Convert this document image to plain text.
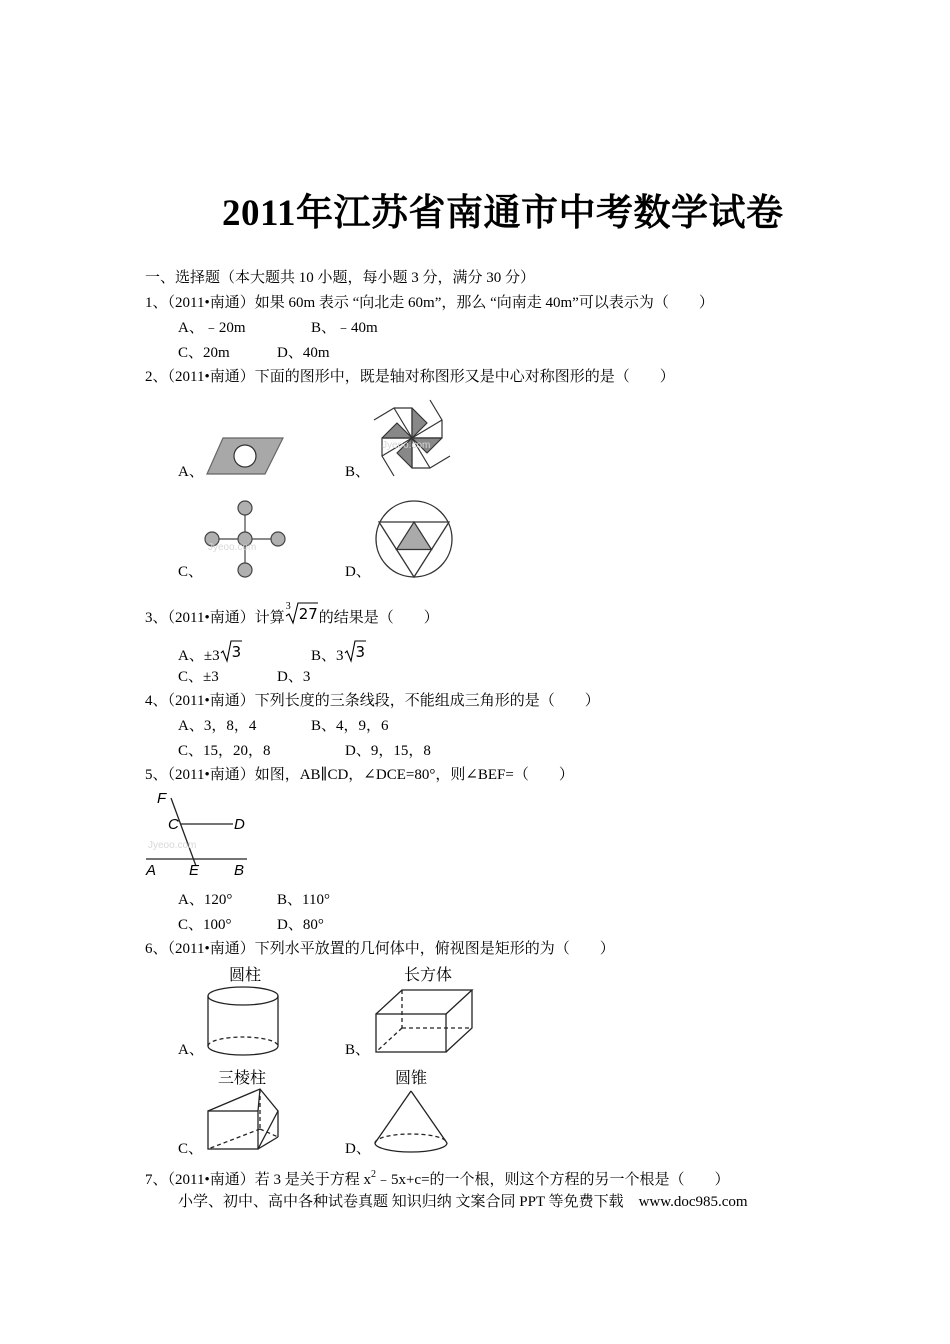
2011年江苏省南通市中考数学试卷
一、选择题（本大题共 10 小题，每小题 3 分，满分 30 分）
1、（2011•南通）如果 60m 表示 “向北走 60m”，那么 “向南走 40m”可以表示为（　　）
A、﹣20m	B、﹣40m
C、20m	D、40m
2、（2011•南通）下面的图形中，既是轴对称图形又是中心对称图形的是（　　）
A、	B、
C、	D、
Jyeoo.com
Jyeoo.com
3、（2011•南通）计算
3 27 的结果是（　　）
A、±3 3	B、3 3
C、±3	D、3
4、（2011•南通）下列长度的三条线段，不能组成三角形的是（　　）
A、3，8，4	B、4，9，6
C、15，20，8	D、9，15，8
5、（2011•南通）如图，AB∥CD，∠DCE=80°，则∠BEF=（　　）
F
C	D
A E B
Jyeoo.com
A、120°	B、110°
C、100°	D、80°
6、（2011•南通）下列水平放置的几何体中，俯视图是矩形的为（　　）
圆柱	长方体
三棱柱	圆锥
A、	B、
C、	D、
7、（2011•南通）若 3 是关于方程 $x^2﹣5x+c=$的一个根，则这个方程的另一个根是（　　）
小学、初中、高中各种试卷真题 知识归纳 文案合同 PPT 等免费下载　www.doc985.com
